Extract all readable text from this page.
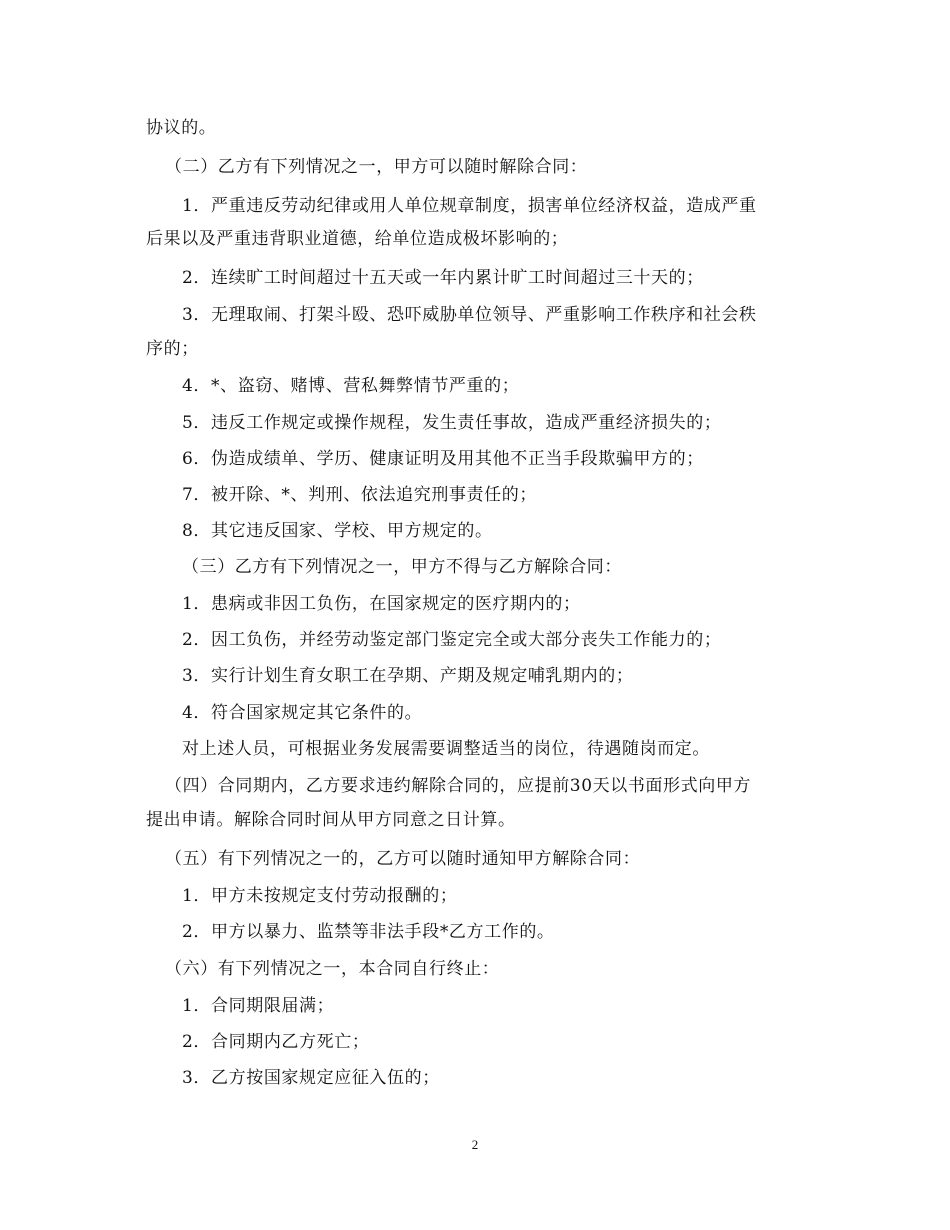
协议的。
（二）乙方有下列情况之一，甲方可以随时解除合同：
1．严重违反劳动纪律或用人单位规章制度，损害单位经济权益，造成严重
后果以及严重违背职业道德，给单位造成极坏影响的；
2．连续旷工时间超过十五天或一年内累计旷工时间超过三十天的；
3．无理取闹、打架斗殴、恐吓威胁单位领导、严重影响工作秩序和社会秩
序的；
4．*、盗窃、赌博、营私舞弊情节严重的；
5．违反工作规定或操作规程，发生责任事故，造成严重经济损失的；
6．伪造成绩单、学历、健康证明及用其他不正当手段欺骗甲方的；
7．被开除、*、判刑、依法追究刑事责任的；
8．其它违反国家、学校、甲方规定的。
（三）乙方有下列情况之一，甲方不得与乙方解除合同：
1．患病或非因工负伤，在国家规定的医疗期内的；
2．因工负伤，并经劳动鉴定部门鉴定完全或大部分丧失工作能力的；
3．实行计划生育女职工在孕期、产期及规定哺乳期内的；
4．符合国家规定其它条件的。
对上述人员，可根据业务发展需要调整适当的岗位，待遇随岗而定。
（四）合同期内，乙方要求违约解除合同的，应提前30天以书面形式向甲方
提出申请。解除合同时间从甲方同意之日计算。
（五）有下列情况之一的，乙方可以随时通知甲方解除合同：
1．甲方未按规定支付劳动报酬的；
2．甲方以暴力、监禁等非法手段*乙方工作的。
（六）有下列情况之一，本合同自行终止：
1．合同期限届满；
2．合同期内乙方死亡；
3．乙方按国家规定应征入伍的；
2
